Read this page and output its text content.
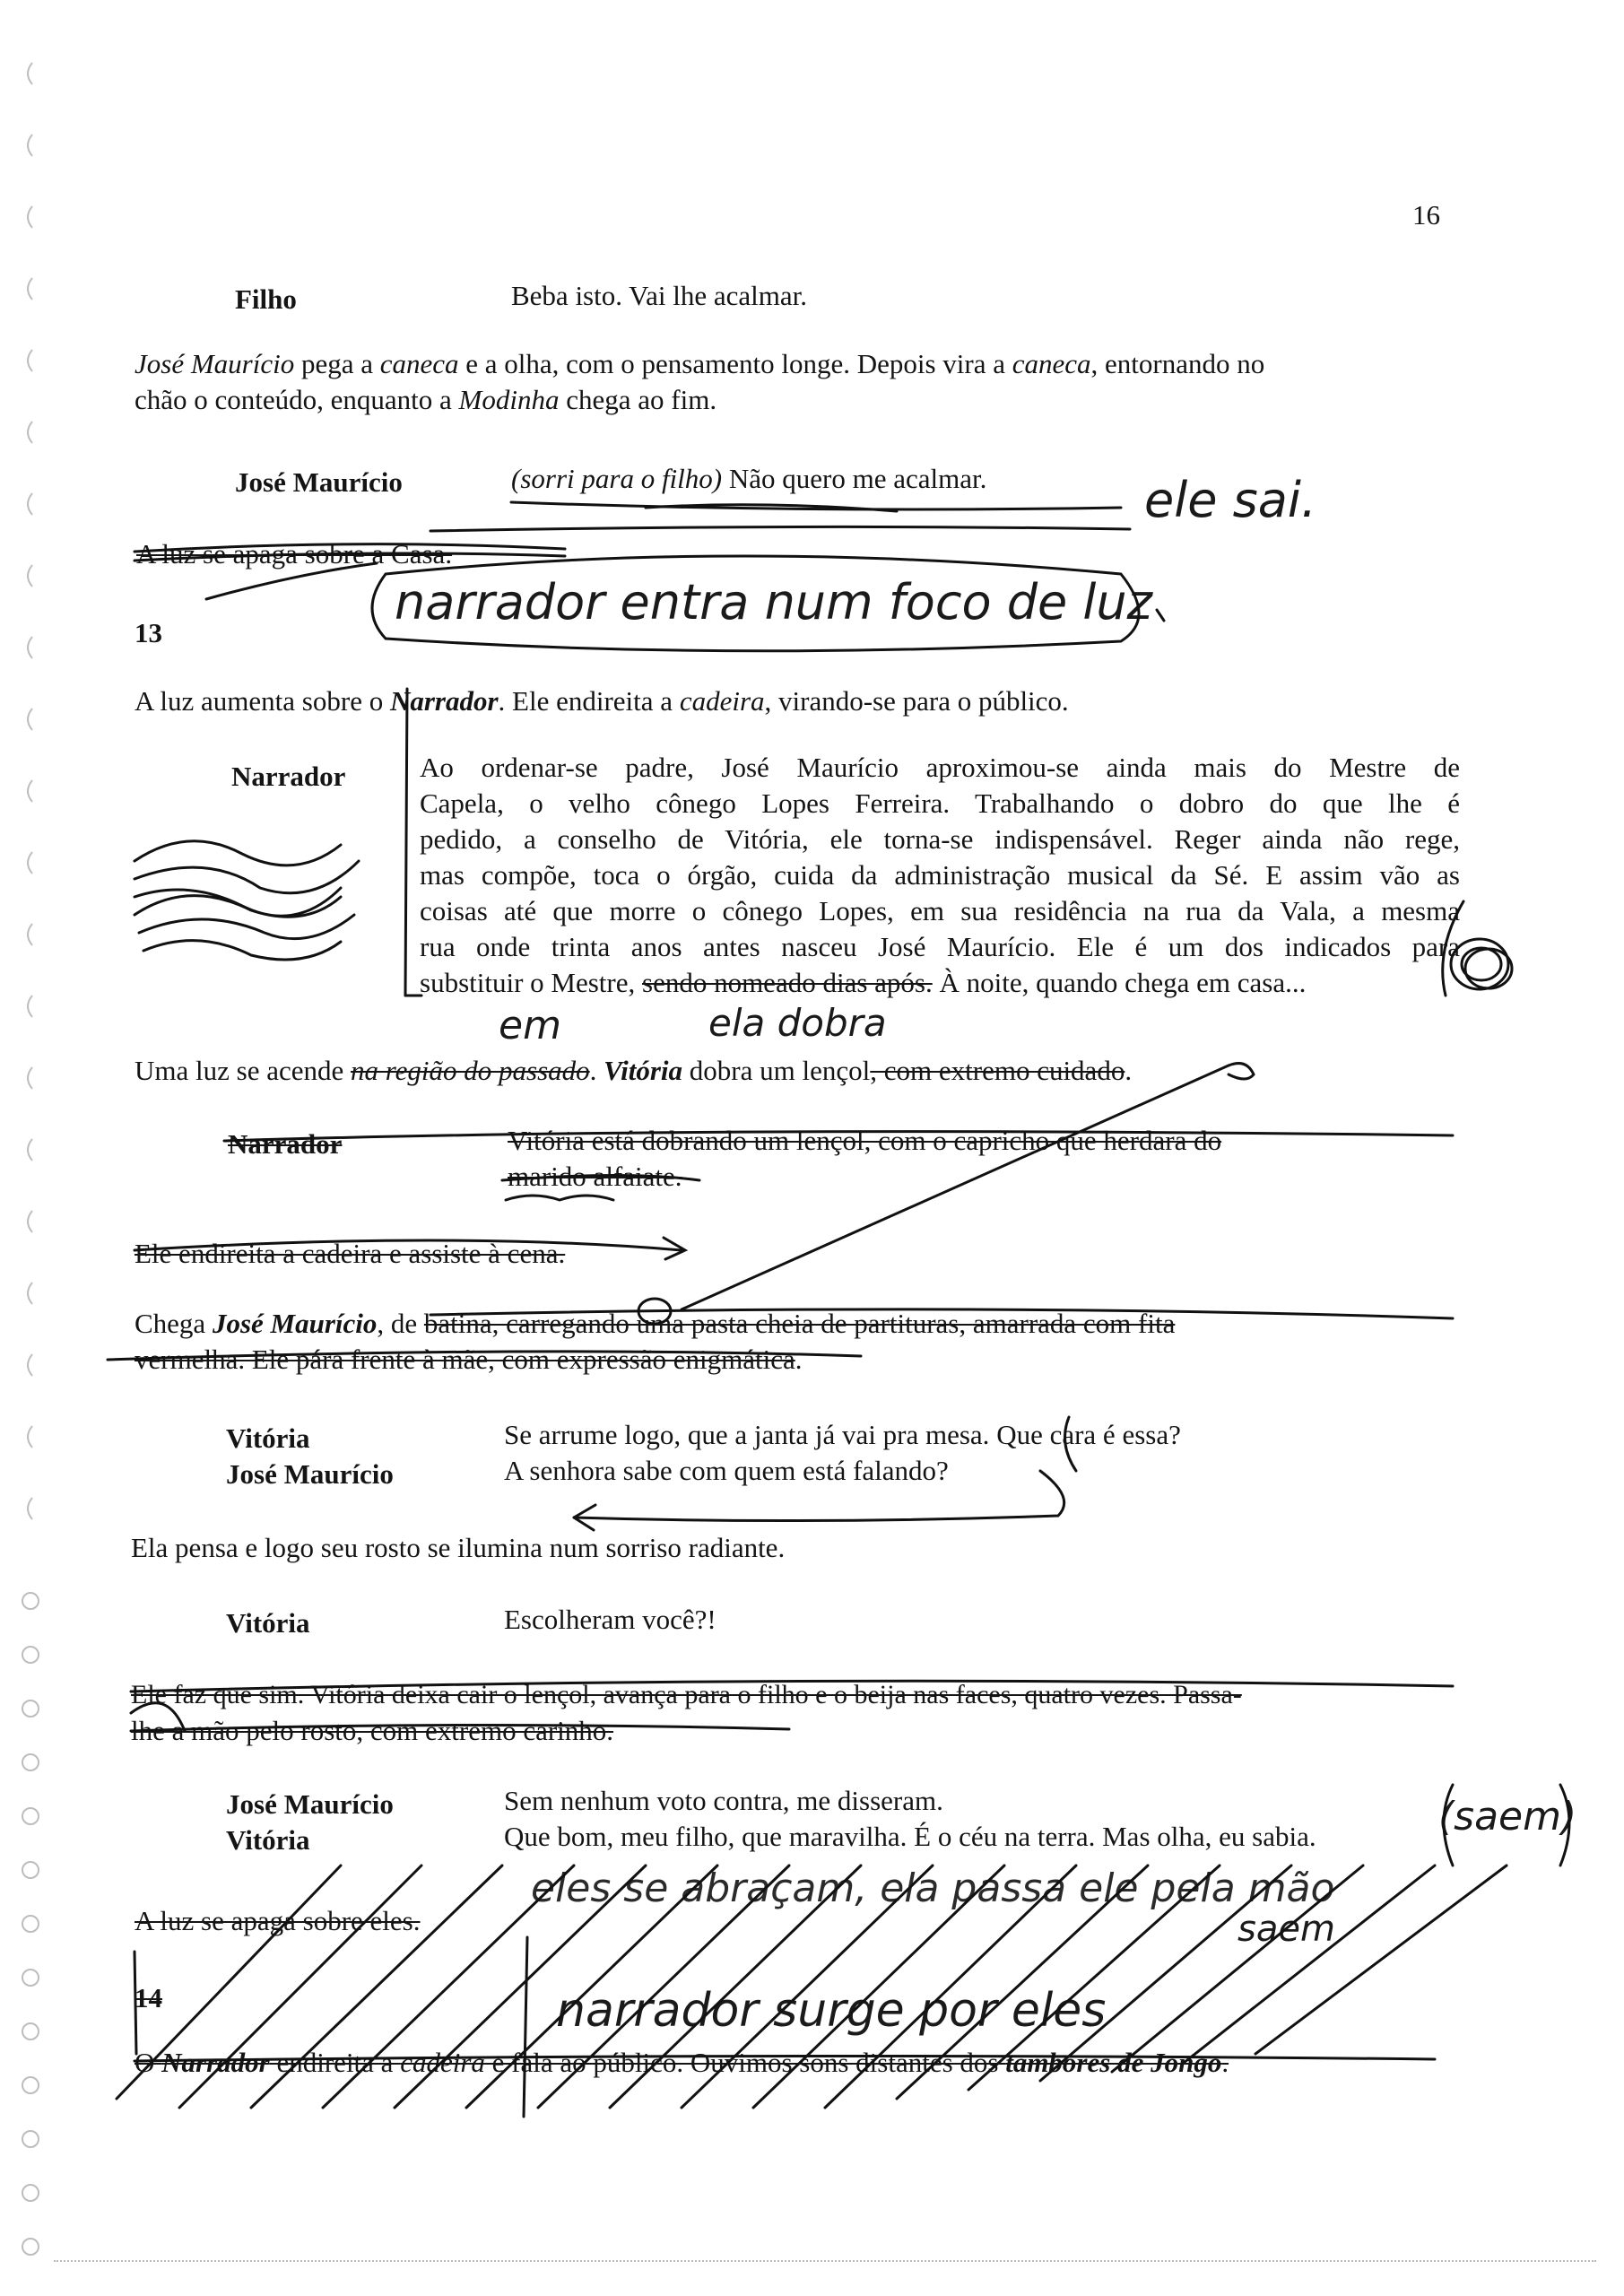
16
Filho	Beba isto. Vai lhe acalmar.
José Maurício pega a caneca e a olha, com o pensamento longe. Depois vira a caneca, entornando no
chão o conteúdo, enquanto a Modinha chega ao fim.
José Maurício	(sorri para o filho) Não quero me acalmar.
A luz se apaga sobre a Casa.
13
A luz aumenta sobre o Narrador. Ele endireita a cadeira, virando-se para o público.
Narrador	Ao ordenar-se padre, José Maurício aproximou-se ainda mais do Mestre de
Capela, o velho cônego Lopes Ferreira. Trabalhando o dobro do que lhe é
pedido, a conselho de Vitória, ele torna-se indispensável. Reger ainda não rege,
mas compõe, toca o órgão, cuida da administração musical da Sé. E assim vão as
coisas até que morre o cônego Lopes, em sua residência na rua da Vala, a mesma
rua onde trinta anos antes nasceu José Maurício. Ele é um dos indicados para
substituir o Mestre, sendo nomeado dias após. À noite, quando chega em casa...
Uma luz se acende na região do passado. Vitória dobra um lençol, com extremo cuidado.
Narrador	Vitória está dobrando um lençol, com o capricho que herdara do
marido alfaiate.
Ele endireita a cadeira e assiste à cena.
Chega José Maurício, de batina, carregando uma pasta cheia de partituras, amarrada com fita
vermelha. Ele pára frente à mãe, com expressão enigmática.
Vitória	Se arrume logo, que a janta já vai pra mesa. Que cara é essa?
José Maurício	A senhora sabe com quem está falando?
Ela pensa e logo seu rosto se ilumina num sorriso radiante.
Vitória	Escolheram você?!
Ele faz que sim. Vitória deixa cair o lençol, avança para o filho e o beija nas faces, quatro vezes. Passa-
lhe a mão pelo rosto, com extremo carinho.
José Maurício	Sem nenhum voto contra, me disseram.
Vitória	Que bom, meu filho, que maravilha. É o céu na terra. Mas olha, eu sabia.
A luz se apaga sobre eles.
14
O Narrador endireita a cadeira e fala ao público. Ouvimos sons distantes dos tambores de Jongo.
ele sai.
narrador entra num foco de luz
em	ela dobra
(saem)
eles se abraçam, ela passa ele pela mão
saem
narrador surge por eles
